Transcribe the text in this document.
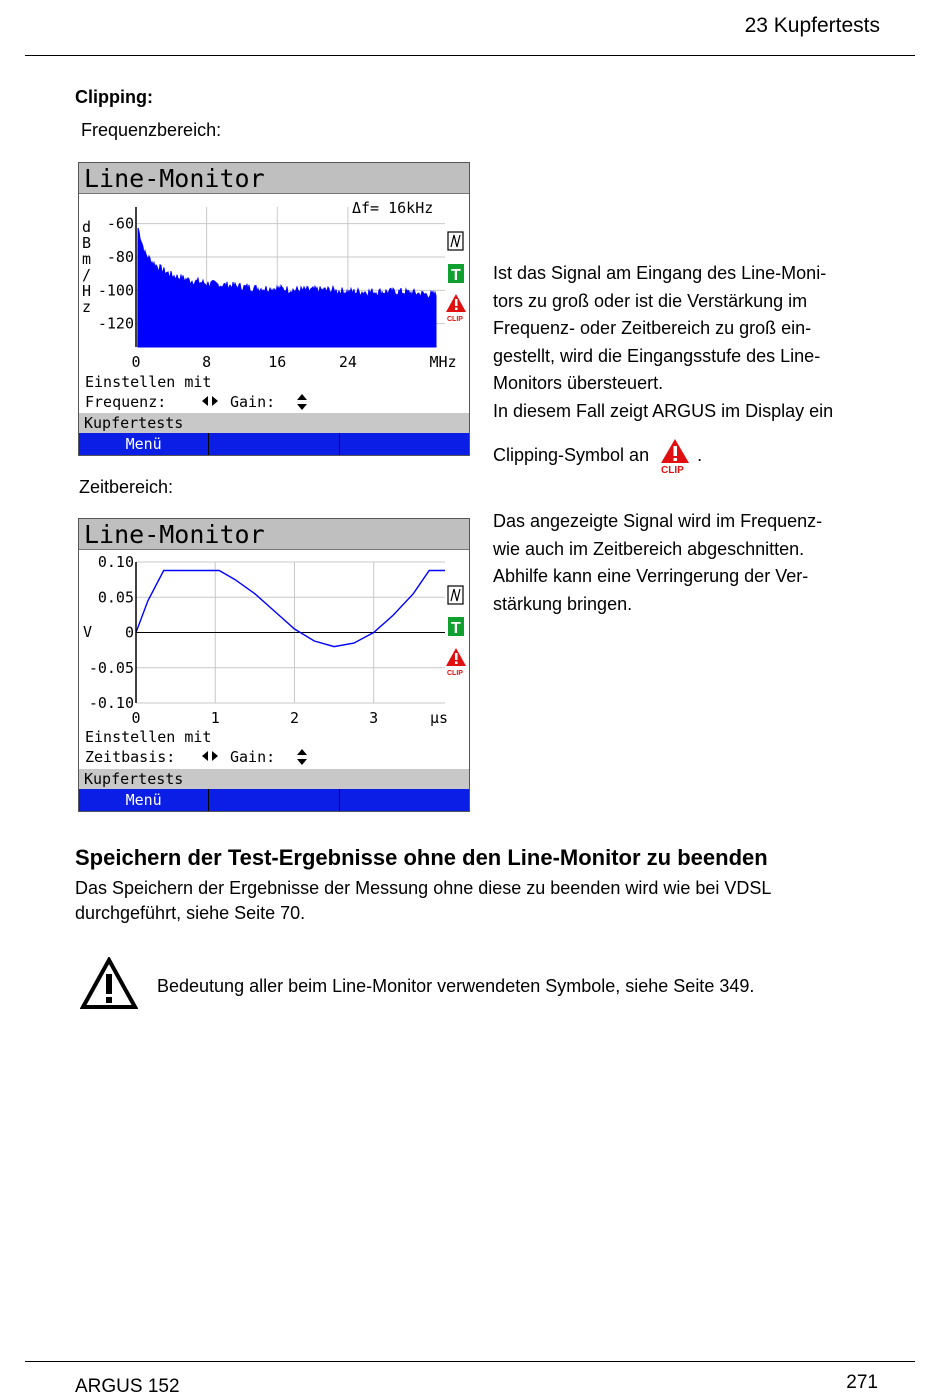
23 Kupfertests
Clipping:
Frequenzbereich:
Line-Monitor
Δf= 16kHz
d
B
m
/
H
z
-60
-80
-100
-120
0	8	16	24	MHz
Einstellen mit
Frequenz:	Gain:
T
CLIP
Kupfertests
Menü
Zeitbereich:
Line-Monitor
0.10
0.05
0
-0.05
-0.10
V
0	1	2	3	µs
Einstellen mit
Zeitbasis:	Gain:
T
CLIP
Kupfertests
Menü
Ist das Signal am Eingang des Line-Moni-
tors zu groß oder ist die Verstärkung im
Frequenz- oder Zeitbereich zu groß ein-
gestellt, wird die Eingangsstufe des Line-
Monitors übersteuert.
In diesem Fall zeigt ARGUS im Display ein
Clipping-Symbol an
CLIP
.
Das angezeigte Signal wird im Frequenz-
wie auch im Zeitbereich abgeschnitten.
Abhilfe kann eine Verringerung der Ver-
stärkung bringen.
Speichern der Test-Ergebnisse ohne den Line-Monitor zu beenden
Das Speichern der Ergebnisse der Messung ohne diese zu beenden wird wie bei VDSL
durchgeführt, siehe Seite 70.
Bedeutung aller beim Line-Monitor verwendeten Symbole, siehe Seite 349.
ARGUS 152	271
